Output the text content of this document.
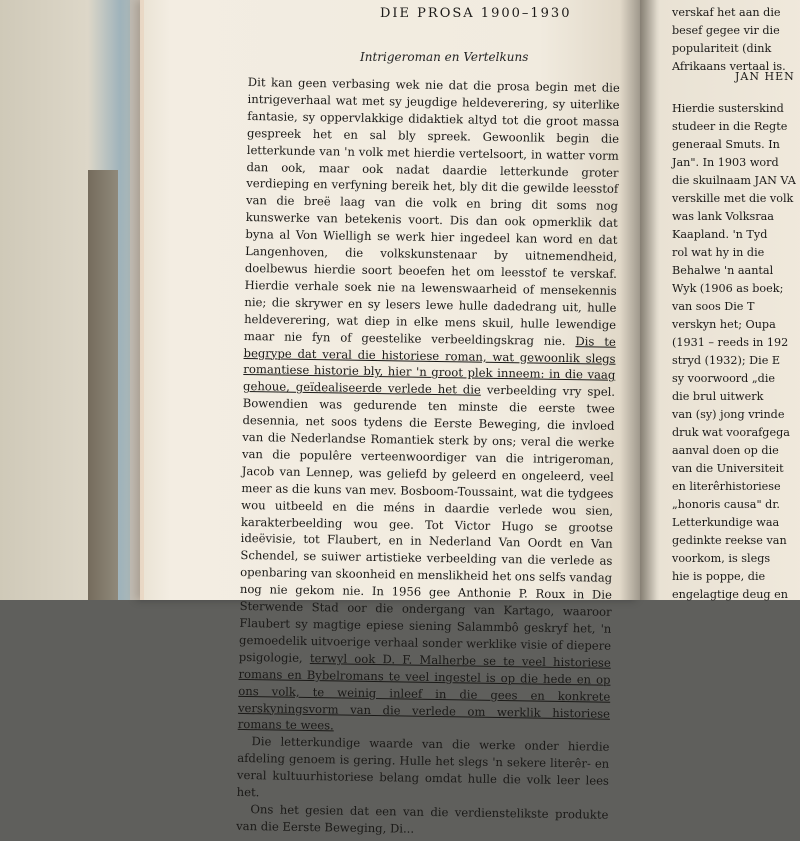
DIE PROSA 1900–1930
Intrigeroman en Vertelkuns

Dit kan geen verbasing wek nie dat die prosa begin met die intrigeverhaal wat met sy jeugdige heldeverering, sy uiterlike fantasie, sy oppervlakkige didaktiek altyd tot die groot massa gespreek het en sal bly spreek. Gewoonlik begin die letterkunde van 'n volk met hierdie vertelsoort, in watter vorm dan ook, maar ook nadat daardie letterkunde groter verdieping en verfyning bereik het, bly dit die gewilde leesstof van die breë laag van die volk en bring dit soms nog kunswerke van betekenis voort. Dis dan ook opmerklik dat byna al Von Wielligh se werk hier ingedeel kan word en dat Langenhoven, die volkskunstenaar by uitnemendheid, doelbewus hierdie soort beoefen het om leesstof te verskaf. Hierdie verhale soek nie na lewenswaarheid of mensekennis nie; die skrywer en sy lesers lewe hulle dadedrang uit, hulle heldeverering, wat diep in elke mens skuil, hulle lewendige maar nie fyn of geestelike verbeeldingskrag nie. Dis te begrype dat veral die historiese roman, wat gewoonlik slegs romantiese historie bly, hier 'n groot plek inneem: in die vaag gehoue, geïdealiseerde verlede het die verbeelding vry spel. Bowendien was gedurende ten minste die eerste twee desennia, net soos tydens die Eerste Beweging, die invloed van die Nederlandse Romantiek sterk by ons; veral die werke van die populêre verteenwoordiger van die intrigeroman, Jacob van Lennep, was geliefd by geleerd en ongeleerd, veel meer as die kuns van mev. Bosboom-Toussaint, wat die tydgees wou uitbeeld en die méns in daardie verlede wou sien, karakterbeelding wou gee. Tot Victor Hugo se grootse ideëvisie, tot Flaubert, en in Nederland Van Oordt en Van Schendel, se suiwer artistieke verbeelding van die verlede as openbaring van skoonheid en menslikheid het ons selfs vandag nog nie gekom nie. In 1956 gee Anthonie P. Roux in Die Sterwende Stad oor die ondergang van Kartago, waaroor Flaubert sy magtige epiese siening Salammbô geskryf het, 'n gemoedelik uitvoerige verhaal sonder werklike visie of diepere psigologie, terwyl ook D. F. Malherbe se te veel historiese romans en Bybelromans te veel ingestel is op die hede en op ons volk, te weinig inleef in die gees en konkrete verskyningsvorm van die verlede om werklik historiese romans te wees.

Die letterkundige waarde van die werke onder hierdie afdeling genoem is gering. Hulle het slegs 'n sekere literêr- en veral kultuurhistoriese belang omdat hulle die volk leer lees het.

Ons het gesien dat een van die verdienstelikste produkte van die Eerste Beweging, Di...

JAN HEN
verskaf het aan die
besef gegee vir die
populariteit (dink
Afrikaans vertaal is.
Hierdie susterskind
studeer in die Regte
generaal Smuts. In
Jan". In 1903 word
die skuilnaam JAN VA
verskille met die volk
was lank Volksraa
Kaapland. 'n Tyd
rol wat hy in die
Behalwe 'n aantal
Wyk (1906 as boek;
van soos Die T
verskyn het; Oupa
(1931 – reeds in 192
stryd (1932); Die E
sy voorwoord „die
die brul uitwerk
van (sy) jong vrinde
druk wat voorafgega
aanval doen op die
van die Universiteit
en literêrhistoriese
„honoris causa" dr.
Letterkundige waa
gedinkte reekse van
voorkom, is slegs
hie is poppe, die
engelagtige deug en
